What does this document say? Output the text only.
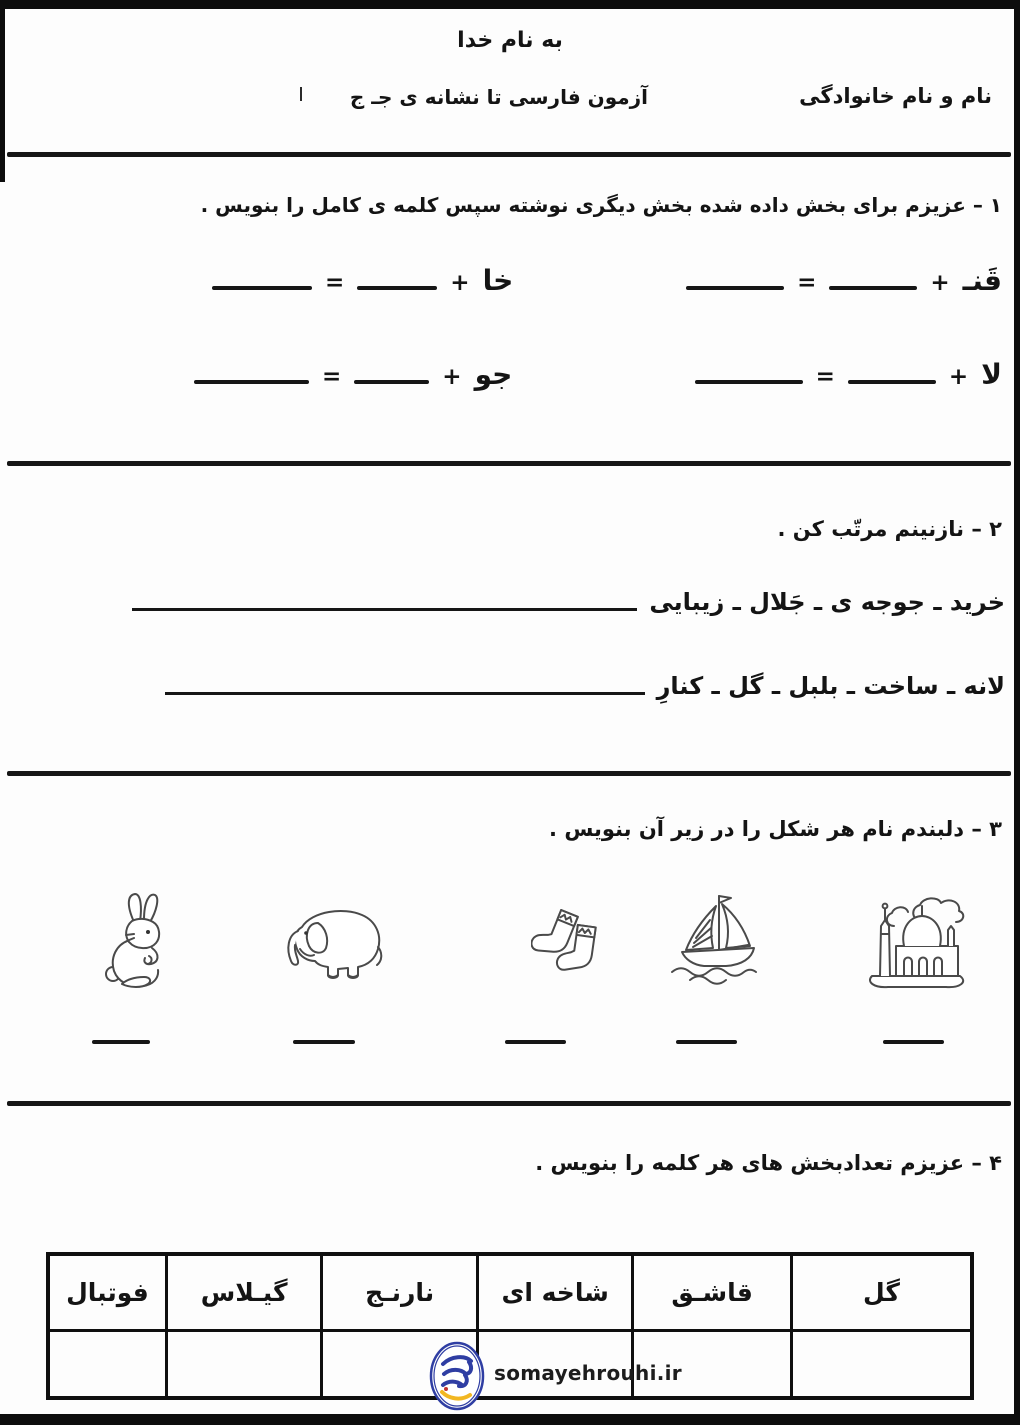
به نام خدا
نام و نام خانوادگی
آزمون فارسی تا نشانه ی جـ ج
۱ – عزیزم برای بخش داده شده بخش دیگری نوشته سپس کلمه ی کامل را بنویس .
قَنـ
+
=
خا
+
=
لا
+
=
جو
+
=
۲ – نازنینم مرتّب کن .
خرید ـ جوجه ی ـ جَلال ـ زیبایی
لانه ـ ساخت ـ بلبل ـ گل ـ کنارِ
۳ – دلبندم نام هر شکل را در زیر آن بنویس .
۴ – عزیزم تعدادبخش های هر کلمه را بنویس .
فوتبال	گیـلاس	نارنـج	شاخه ای	قاشـق	گل

somayehrouhi.ir
